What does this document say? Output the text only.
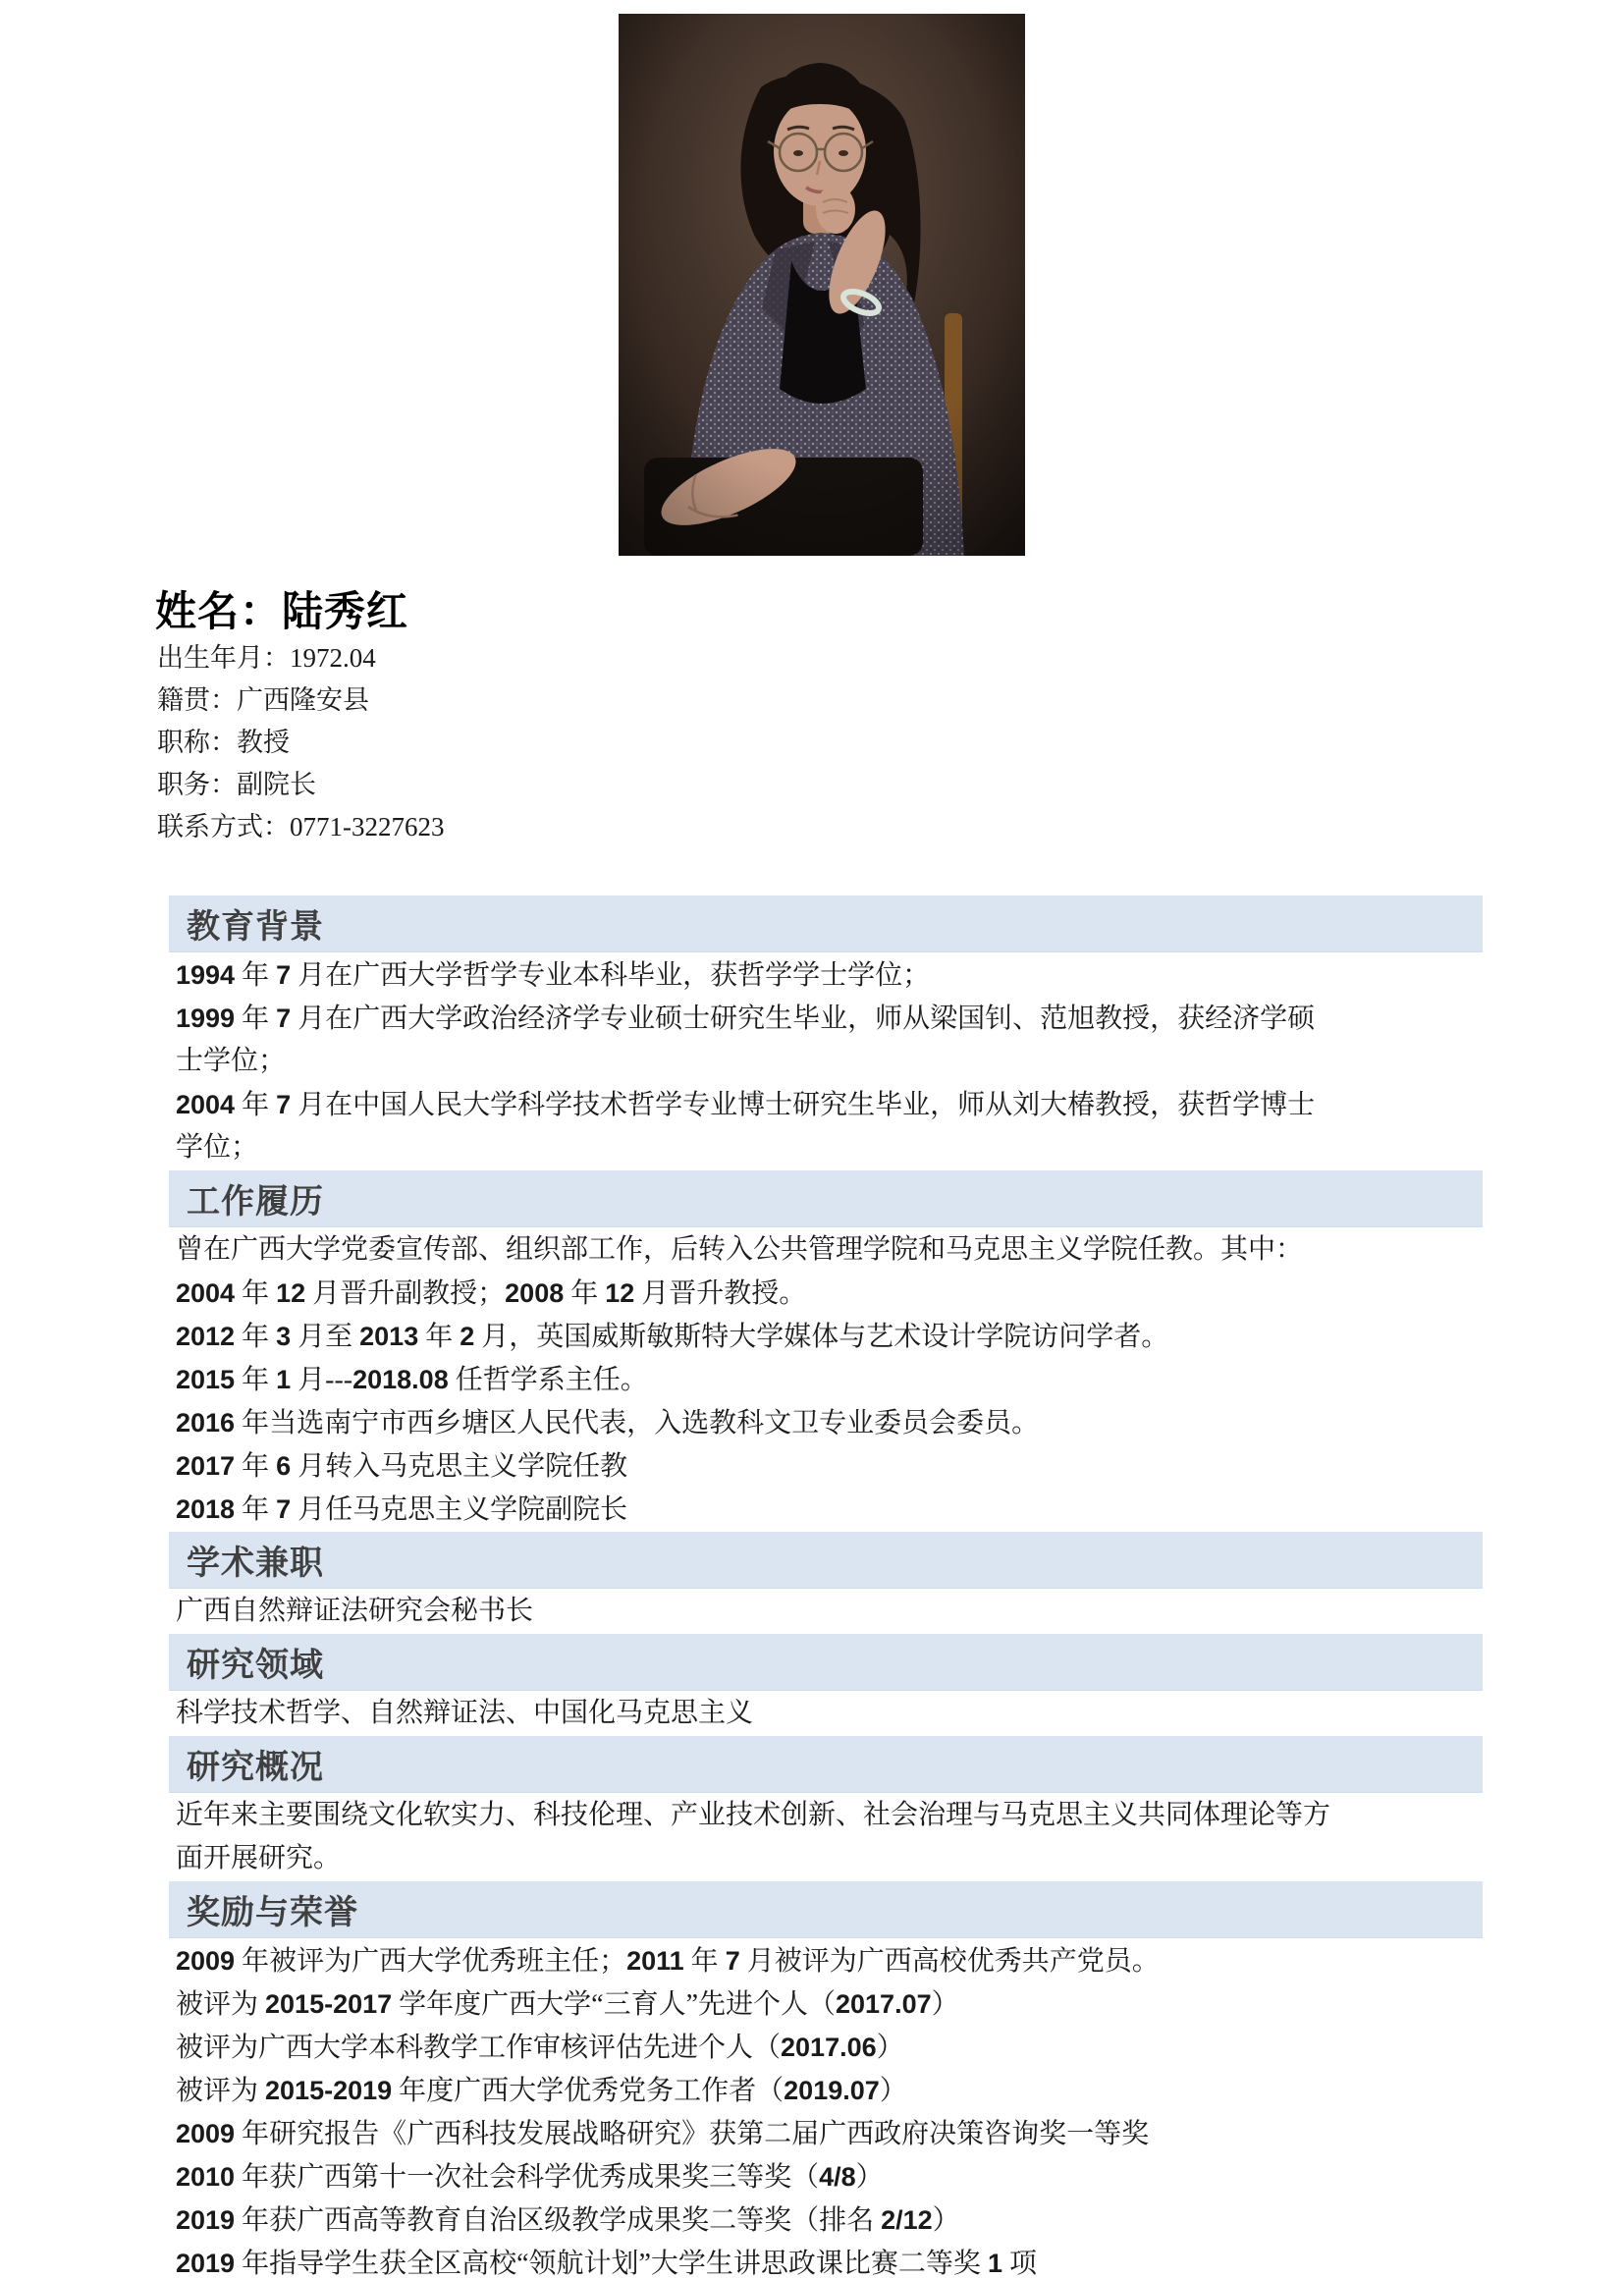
姓名：陆秀红
出生年月：1972.04
籍贯：广西隆安县
职称：教授
职务：副院长
联系方式：0771-3227623
教育背景
1994 年 7 月在广西大学哲学专业本科毕业，获哲学学士学位；
1999 年 7 月在广西大学政治经济学专业硕士研究生毕业，师从梁国钊、范旭教授，获经济学硕
士学位；
2004 年 7 月在中国人民大学科学技术哲学专业博士研究生毕业，师从刘大椿教授，获哲学博士
学位；
工作履历
曾在广西大学党委宣传部、组织部工作，后转入公共管理学院和马克思主义学院任教。其中：
2004 年 12 月晋升副教授；2008 年 12 月晋升教授。
2012 年 3 月至 2013 年 2 月，英国威斯敏斯特大学媒体与艺术设计学院访问学者。
2015 年 1 月---2018.08 任哲学系主任。
2016 年当选南宁市西乡塘区人民代表，入选教科文卫专业委员会委员。
2017 年 6 月转入马克思主义学院任教
2018 年 7 月任马克思主义学院副院长
学术兼职
广西自然辩证法研究会秘书长
研究领域
科学技术哲学、自然辩证法、中国化马克思主义
研究概况
近年来主要围绕文化软实力、科技伦理、产业技术创新、社会治理与马克思主义共同体理论等方
面开展研究。
奖励与荣誉
2009 年被评为广西大学优秀班主任；2011 年 7 月被评为广西高校优秀共产党员。
被评为 2015-2017 学年度广西大学“三育人”先进个人（2017.07）
被评为广西大学本科教学工作审核评估先进个人（2017.06）
被评为 2015-2019 年度广西大学优秀党务工作者（2019.07）
2009 年研究报告《广西科技发展战略研究》获第二届广西政府决策咨询奖一等奖
2010 年获广西第十一次社会科学优秀成果奖三等奖（4/8）
2019 年获广西高等教育自治区级教学成果奖二等奖（排名 2/12）
2019 年指导学生获全区高校“领航计划”大学生讲思政课比赛二等奖 1 项
